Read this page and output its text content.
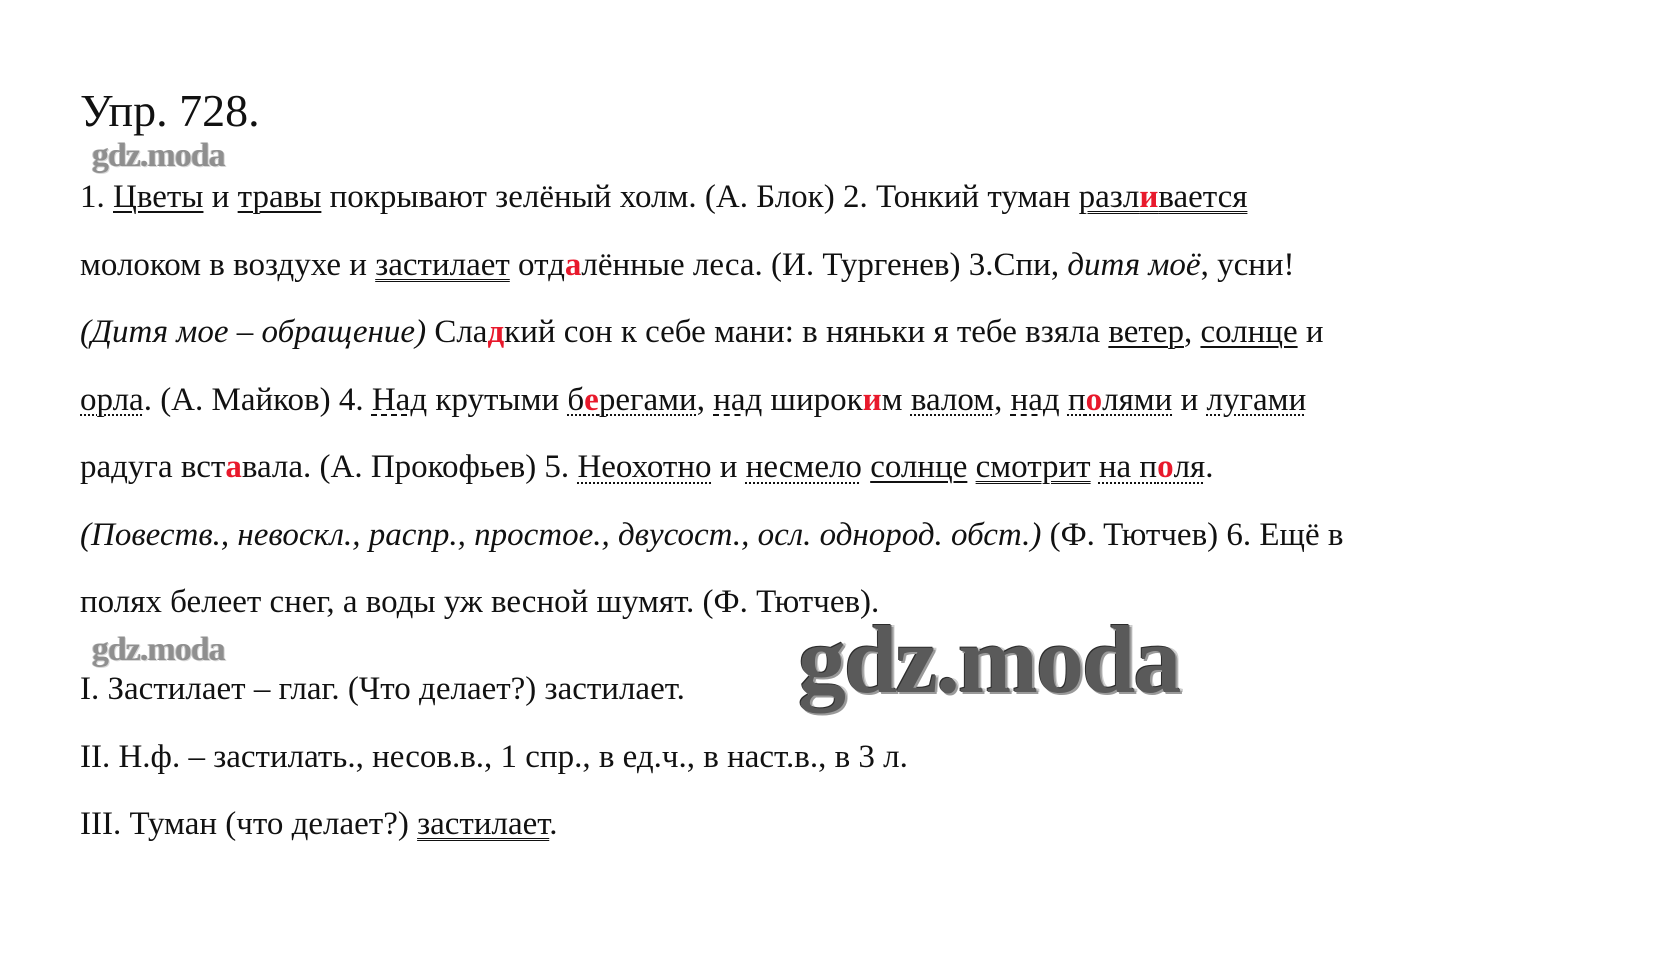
Упр. 728.
gdz.moda

1. Цветы и травы покрывают зелёный холм. (А. Блок) 2. Тонкий туман разливается

молоком в воздухе и застилает отдалённые леса. (И. Тургенев) 3.Спи, дитя моё, усни!

(Дитя мое – обращение) Сладкий сон к себе мани: в няньки я тебе взяла ветер, солнце и

орла. (А. Майков) 4. Над крутыми берегами, над широким валом, над полями и лугами

радуга вставала. (А. Прокофьев) 5. Неохотно и несмело солнце смотрит на поля.

(Повеств., невоскл., распр., простое., двусост., осл. однород. обст.) (Ф. Тютчев) 6. Ещё в

полях белеет снег, а воды уж весной шумят. (Ф. Тютчев).

gdz.moda

I. Застилает – глаг. (Что делает?) застилает.

II. Н.ф. – застилать., несов.в., 1 спр., в ед.ч., в наст.в., в 3 л.

III. Туман (что делает?) застилает.

gdz.moda
